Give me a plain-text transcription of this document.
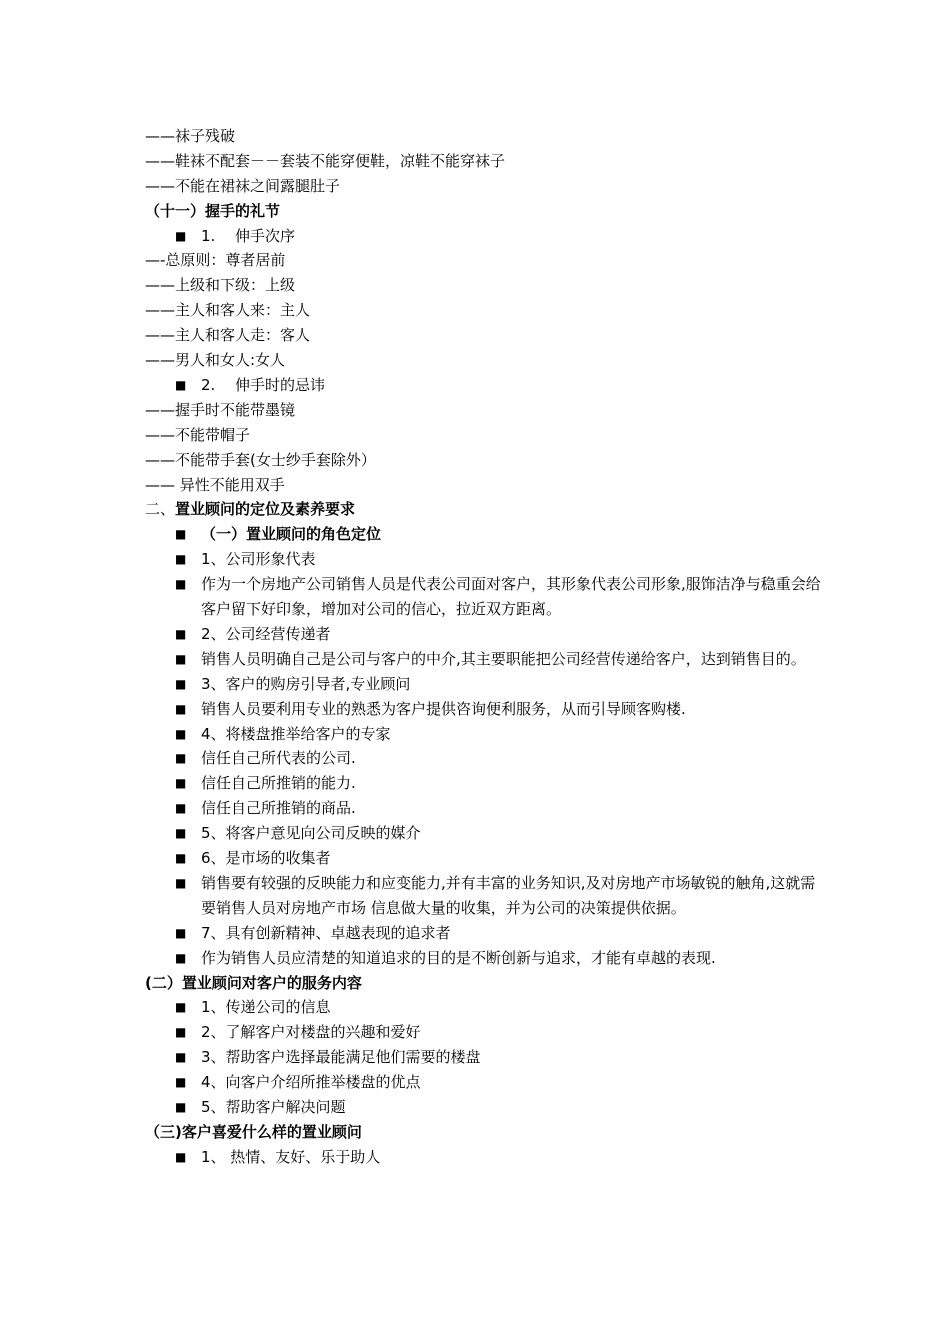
——袜子残破
——鞋袜不配套－－套装不能穿便鞋，凉鞋不能穿袜子
——不能在裙袜之间露腿肚子
（十一）握手的礼节
■ 1. 伸手次序
—-总原则：尊者居前
——上级和下级：上级
——主人和客人来：主人
——主人和客人走：客人
——男人和女人:女人
■ 2. 伸手时的忌讳
——握手时不能带墨镜
——不能带帽子
——不能带手套(女士纱手套除外）
—— 异性不能用双手
二、置业顾问的定位及素养要求
■ （一）置业顾问的角色定位
■ 1、公司形象代表
■ 作为一个房地产公司销售人员是代表公司面对客户，其形象代表公司形象,服饰洁净与稳重会给客户留下好印象，增加对公司的信心，拉近双方距离。
■ 2、公司经营传递者
■ 销售人员明确自己是公司与客户的中介,其主要职能把公司经营传递给客户，达到销售目的。
■ 3、客户的购房引导者,专业顾问
■ 销售人员要利用专业的熟悉为客户提供咨询便利服务，从而引导顾客购楼.
■ 4、将楼盘推举给客户的专家
■ 信任自己所代表的公司.
■ 信任自己所推销的能力.
■ 信任自己所推销的商品.
■ 5、将客户意见向公司反映的媒介
■ 6、是市场的收集者
■ 销售要有较强的反映能力和应变能力,并有丰富的业务知识,及对房地产市场敏锐的触角,这就需要销售人员对房地产市场 信息做大量的收集，并为公司的决策提供依据。
■ 7、具有创新精神、卓越表现的追求者
■ 作为销售人员应清楚的知道追求的目的是不断创新与追求，才能有卓越的表现.
(二）置业顾问对客户的服务内容
■ 1、传递公司的信息
■ 2、了解客户对楼盘的兴趣和爱好
■ 3、帮助客户选择最能满足他们需要的楼盘
■ 4、向客户介绍所推举楼盘的优点
■ 5、帮助客户解决问题
（三)客户喜爱什么样的置业顾问
■ 1、 热情、友好、乐于助人
